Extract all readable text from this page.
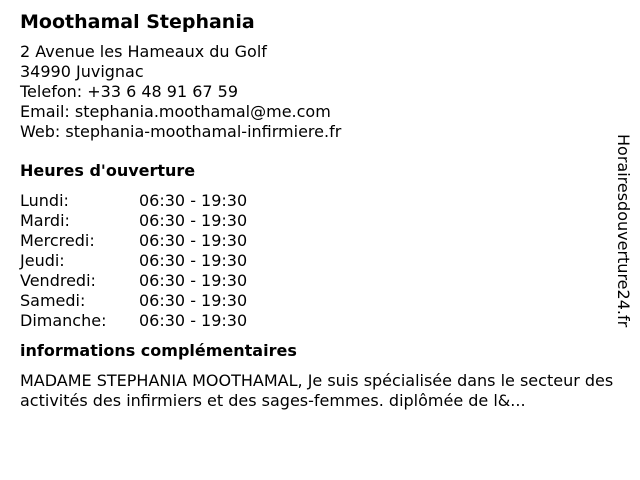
Moothamal Stephania
2 Avenue les Hameaux du Golf
34990 Juvignac
Telefon: +33 6 48 91 67 59
Email: stephania.moothamal@me.com
Web: stephania-moothamal-infirmiere.fr
Heures d'ouverture
Lundi:	06:30 - 19:30
Mardi:	06:30 - 19:30
Mercredi:	06:30 - 19:30
Jeudi:	06:30 - 19:30
Vendredi:	06:30 - 19:30
Samedi:	06:30 - 19:30
Dimanche:	06:30 - 19:30
informations complémentaires
MADAME STEPHANIA MOOTHAMAL, Je suis spécialisée dans le secteur des activités des infirmiers et des sages-femmes. diplômée de l&...
Horairesdouverture24.fr
